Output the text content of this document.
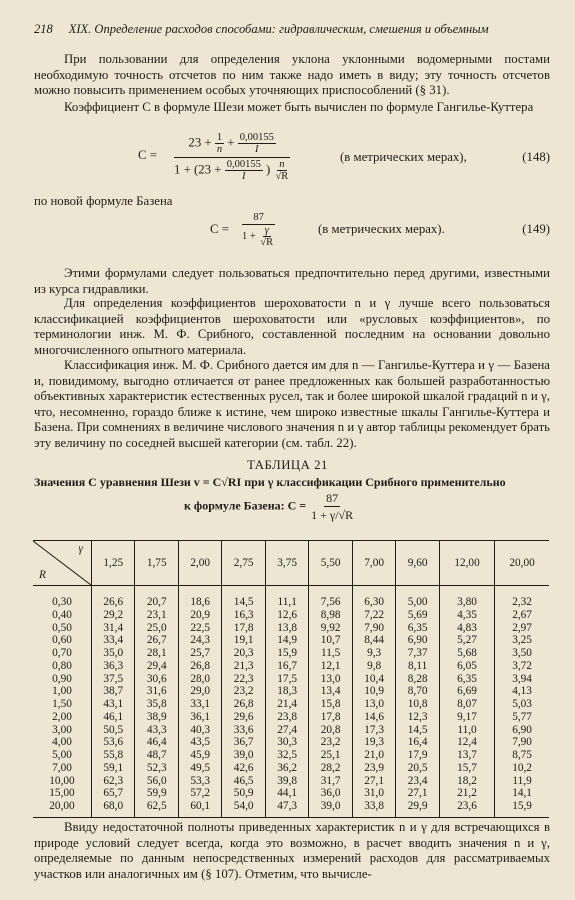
218 XIX. Определение расходов способами: гидравлическим, смешения и объемным
При пользовании для определения уклона уклонными водомерными постами необходимую точность отсчетов по ним также надо иметь в виду; эту точность отсчетов можно повысить применением особых уточняющих приспособлений (§ 31).
Коэффициент C в формуле Шези может быть вычислен по формуле Гангилье-Куттера
C =
$23 + \frac{1}{n} + \frac{0,00155}{I}$
$1 + (23 + \frac{0,00155}{I}$ ) $\frac{n}{√R}$
(в метрических мерах),	(148)
по новой формуле Базена
C =
87
$1 + \frac{\gamma}{√R}$	(в метрических мерах).	(149)
Этими формулами следует пользоваться предпочтительно перед другими, известными из курса гидравлики.
Для определения коэффициентов шероховатости n и γ лучше всего пользоваться классификацией коэффициентов шероховатости или «русловых коэффициентов», по терминологии инж. М. Ф. Срибного, составленной последним на основании довольно многочисленного опытного материала.
Классификация инж. М. Ф. Срибного дается им для n — Гангилье-Куттера и γ — Базена и, повидимому, выгодно отличается от ранее предложенных как большей разработанностью объективных характеристик естественных русел, так и более широкой шкалой градаций n и γ, что, несомненно, гораздо ближе к истине, чем широко известные шкалы Гангилье-Куттера и Базена. При сомнениях в величине числового значения n и γ автор таблицы рекомендует брать эту величину по соседней высшей категории (см. табл. 22).
ТАБЛИЦА 21
Значения C уравнения Шези v = C√RI при γ классификации Срибного применительно
к формуле Базена: $C = \frac{87}{1 + \gamma/√R}$
γ
R	1,25	1,75	2,00	2,75	3,75	5,50	7,00	9,60	12,00	20,00

0,30	26,6	20,7	18,6	14,5	11,1	7,56	6,30	5,00	3,80	2,32
0,40	29,2	23,1	20,9	16,3	12,6	8,98	7,22	5,69	4,35	2,67
0,50	31,4	25,0	22,5	17,8	13,8	9,92	7,90	6,35	4,83	2,97
0,60	33,4	26,7	24,3	19,1	14,9	10,7	8,44	6,90	5,27	3,25
0,70	35,0	28,1	25,7	20,3	15,9	11,5	9,3	7,37	5,68	3,50
0,80	36,3	29,4	26,8	21,3	16,7	12,1	9,8	8,11	6,05	3,72
0,90	37,5	30,6	28,0	22,3	17,5	13,0	10,4	8,28	6,35	3,94
1,00	38,7	31,6	29,0	23,2	18,3	13,4	10,9	8,70	6,69	4,13
1,50	43,1	35,8	33,1	26,8	21,4	15,8	13,0	10,8	8,07	5,03
2,00	46,1	38,9	36,1	29,6	23,8	17,8	14,6	12,3	9,17	5,77
3,00	50,5	43,3	40,3	33,6	27,4	20,8	17,3	14,5	11,0	6,90
4,00	53,6	46,4	43,5	36,7	30,3	23,2	19,3	16,4	12,4	7,90
5,00	55,8	48,7	45,9	39,0	32,5	25,1	21,0	17,9	13,7	8,75
7,00	59,1	52,3	49,5	42,6	36,2	28,2	23,9	20,5	15,7	10,2
10,00	62,3	56,0	53,3	46,5	39,8	31,7	27,1	23,4	18,2	11,9
15,00	65,7	59,9	57,2	50,9	44,1	36,0	31,0	27,1	21,2	14,1
20,00	68,0	62,5	60,1	54,0	47,3	39,0	33,8	29,9	23,6	15,9
Ввиду недостаточной полноты приведенных характеристик n и γ для встречающихся в природе условий следует всегда, когда это возможно, в расчет вводить значения n и γ, определяемые по данным непосредственных измерений расходов для рассматриваемых участков или аналогичных им (§ 107). Отметим, что вычисле-
